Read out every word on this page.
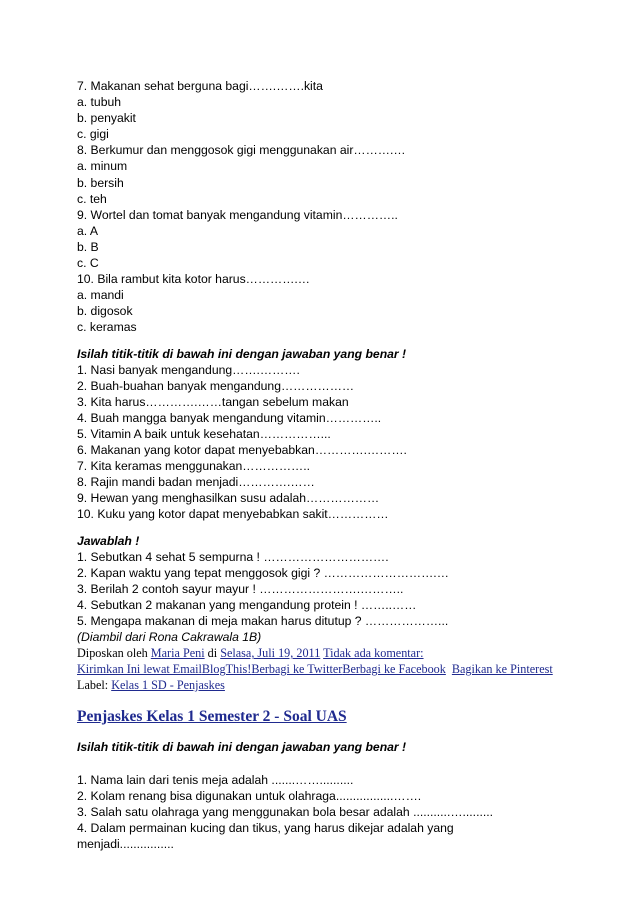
7. Makanan sehat berguna bagi…….…….kita
a. tubuh
b. penyakit
c. gigi
8. Berkumur dan menggosok gigi menggunakan air……….…
a. minum
b. bersih
c. teh
9. Wortel dan tomat banyak mengandung vitamin…………..
a. A
b. B
c. C
10. Bila rambut kita kotor harus………….…
a. mandi
b. digosok
c. keramas
Isilah titik-titik di bawah ini dengan jawaban yang benar !
1. Nasi banyak mengandung…….……….
2. Buah-buahan banyak mengandung………………
3. Kita harus………….……tangan sebelum makan
4. Buah mangga banyak mengandung vitamin…………..
5. Vitamin A baik untuk kesehatan……………...
6. Makanan yang kotor dapat menyebabkan………….……….
7. Kita keramas menggunakan……………..
8. Rajin mandi badan menjadi………….……
9. Hewan yang menghasilkan susu adalah………………
10. Kuku yang kotor dapat menyebabkan sakit……………
Jawablah !
1. Sebutkan 4 sehat 5 sempurna ! ………………………….
2. Kapan waktu yang tepat menggosok gigi ? ……………………….…
3. Berilah 2 contoh sayur mayur ! …………………….………..
4. Sebutkan 2 makanan yang mengandung protein ! ……..……
5. Mengapa makanan di meja makan harus ditutup ? ………………...
(Diambil dari Rona Cakrawala 1B)
Diposkan oleh Maria Peni di Selasa, Juli 19, 2011 Tidak ada komentar:
Kirimkan Ini lewat EmailBlogThis!Berbagi ke TwitterBerbagi ke Facebook Bagikan ke Pinterest
Label: Kelas 1 SD - Penjaskes
Penjaskes Kelas 1 Semester 2 - Soal UAS
Isilah titik-titik di bawah ini dengan jawaban yang benar !
1. Nama lain dari tenis meja adalah .......……..........
2. Kolam renang bisa digunakan untuk olahraga.................…….
3. Salah satu olahraga yang menggunakan bola besar adalah ...........….........
4. Dalam permainan kucing dan tikus, yang harus dikejar adalah yang
menjadi................
